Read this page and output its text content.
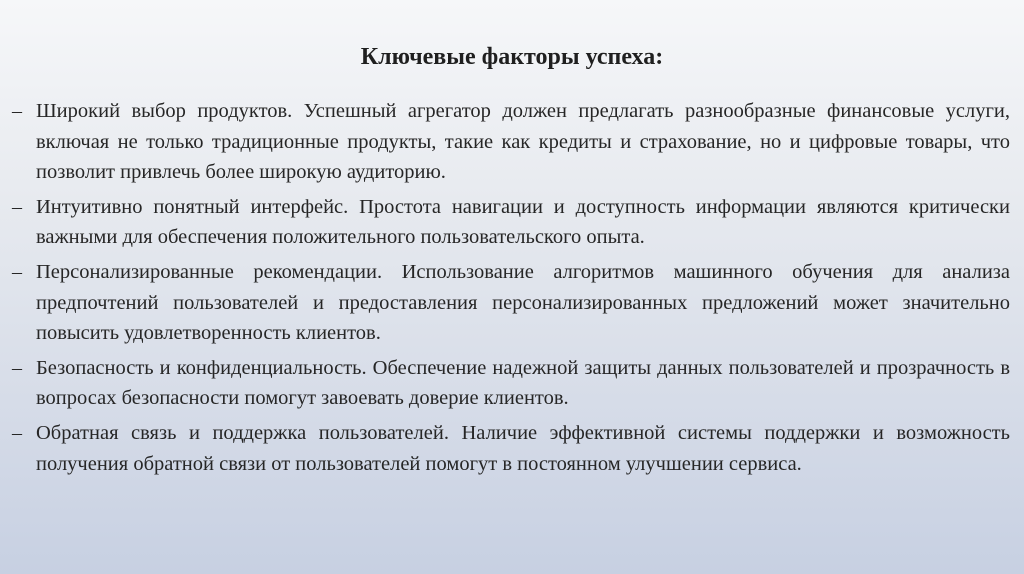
Ключевые факторы успеха:
– Широкий выбор продуктов. Успешный агрегатор должен предлагать разнообразные финансовые услуги, включая не только традиционные продукты, такие как кредиты и страхование, но и цифровые товары, что позволит привлечь более широкую аудиторию.
– Интуитивно понятный интерфейс. Простота навигации и доступность информации являются критически важными для обеспечения положительного пользовательского опыта.
– Персонализированные рекомендации. Использование алгоритмов машинного обучения для анализа предпочтений пользователей и предоставления персонализированных предложений может значительно повысить удовлетворенность клиентов.
– Безопасность и конфиденциальность. Обеспечение надежной защиты данных пользователей и прозрачность в вопросах безопасности помогут завоевать доверие клиентов.
– Обратная связь и поддержка пользователей. Наличие эффективной системы поддержки и возможность получения обратной связи от пользователей помогут в постоянном улучшении сервиса.
